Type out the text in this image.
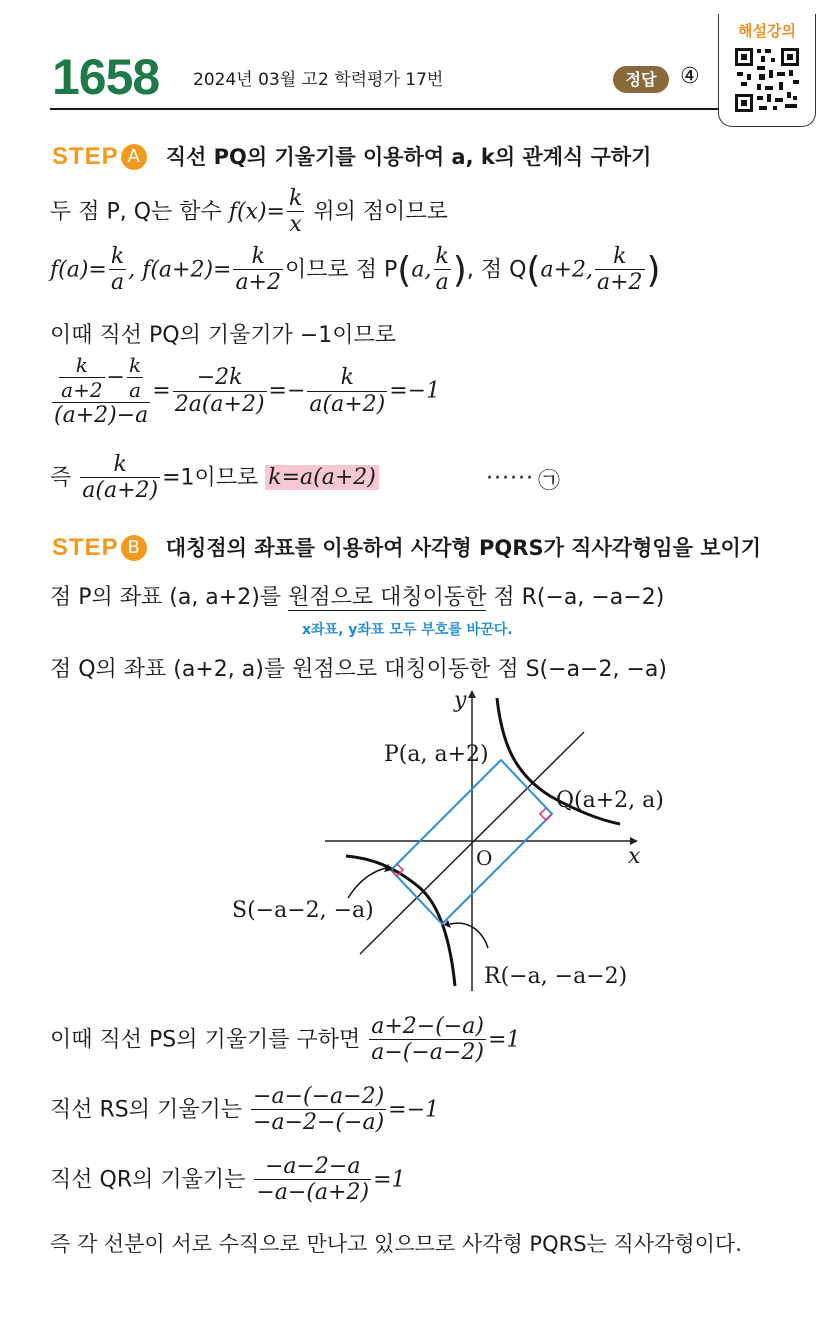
1658 2024년 03월 고2 학력평가 17번	정답	④
해설강의
STEP A 직선 PQ의 기울기를 이용하여 a, k의 관계식 구하기
두 점 P, Q는 함수 $f(x)= \frac{k}{x}$ 위의 점이므로
$f(a)= \frac{k}{a}$ , $f(a+2)= \frac{k}{a+2}$ 이므로 점 P(a, $\frac{k}{a}$ ), 점 Q(a+2, $\frac{k}{a+2}$ )
이때 직선 PQ의 기울기가 −1이므로
$\frac{\frac{k}{a+2} - \frac{k}{a}}{(a+2)-a} = \frac{-2k}{2a(a+2)} =- \frac{k}{a(a+2)} =-1$
즉 $\frac{k}{a(a+2)} =1$이므로 k=a(a+2)	······ ㉠
STEP B 대칭점의 좌표를 이용하여 사각형 PQRS가 직사각형임을 보이기
점 P의 좌표 (a, a+2)를 원점으로 대칭이동한 점 R(−a, −a−2)
x좌표, y좌표 모두 부호를 바꾼다.
점 Q의 좌표 (a+2, a)를 원점으로 대칭이동한 점 S(−a−2, −a)
y
x
O
P(a, a+2)
Q(a+2, a)
S(−a−2, −a)
R(−a, −a−2)
이때 직선 PS의 기울기를 구하면 $\frac{a+2-(-a)}{a-(-a-2)} =1$
직선 RS의 기울기는 $\frac{-a-(-a-2)}{-a-2-(-a)} =-1$
직선 QR의 기울기는 $\frac{-a-2-a}{-a-(a+2)} =1$
즉 각 선분이 서로 수직으로 만나고 있으므로 사각형 PQRS는 직사각형이다.
